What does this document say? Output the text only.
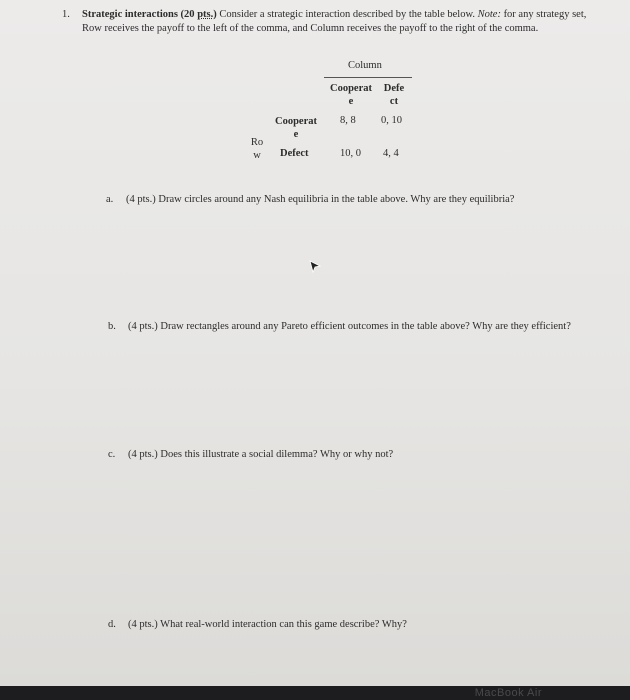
1. Strategic interactions (20 pts.) Consider a strategic interaction described by the table below. Note: for any strategy set, Row receives the payoff to the left of the comma, and Column receives the payoff to the right of the comma.
Column
Cooperat
e
Defe
ct
Ro
w
Cooperat
e
Defect
8, 8 0, 10
10, 0 4, 4
a. (4 pts.) Draw circles around any Nash equilibria in the table above. Why are they equilibria?
b. (4 pts.) Draw rectangles around any Pareto efficient outcomes in the table above? Why are they efficient?
c. (4 pts.) Does this illustrate a social dilemma? Why or why not?
d. (4 pts.) What real-world interaction can this game describe? Why?
MacBook Air
